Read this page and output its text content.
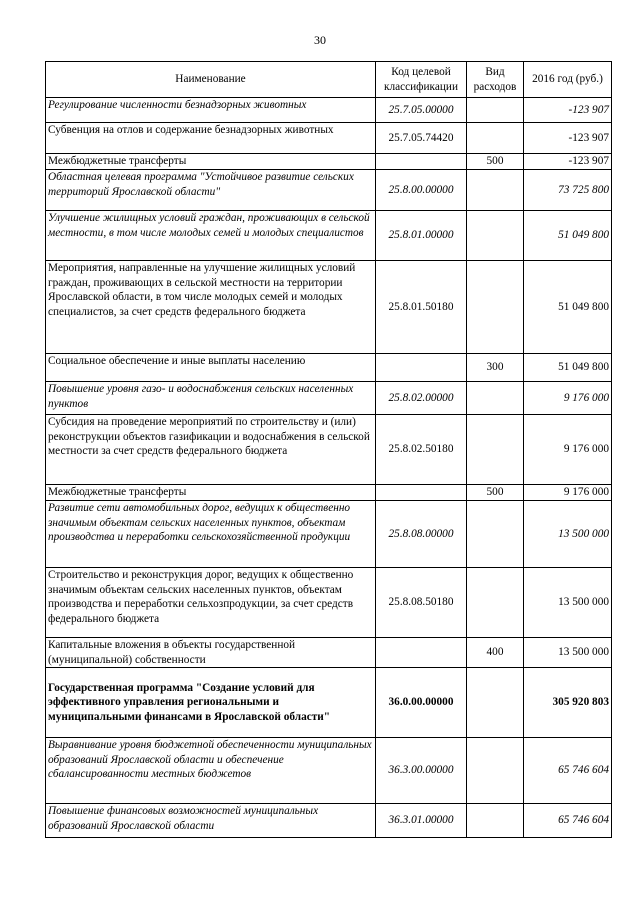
30
Наименование	Код целевой классификации	Вид расходов	2016 год (руб.)
Регулирование численности безнадзорных животных	25.7.05.00000		-123 907
Субвенция на отлов и содержание безнадзорных животных	25.7.05.74420		-123 907
Межбюджетные трансферты		500	-123 907
Областная целевая программа "Устойчивое развитие сельских территорий Ярославской области"	25.8.00.00000		73 725 800
Улучшение жилищных условий граждан, проживающих в сельской местности, в том числе молодых семей и молодых специалистов	25.8.01.00000		51 049 800
Мероприятия, направленные на улучшение жилищных условий граждан, проживающих в сельской местности на территории Ярославской области, в том числе молодых семей и молодых специалистов, за счет средств федерального бюджета	25.8.01.50180		51 049 800
Социальное обеспечение и иные выплаты населению		300	51 049 800
Повышение уровня газо- и водоснабжения сельских населенных пунктов	25.8.02.00000		9 176 000
Субсидия на проведение мероприятий по строительству и (или) реконструкции объектов газификации и водоснабжения в сельской местности за счет средств федерального бюджета	25.8.02.50180		9 176 000
Межбюджетные трансферты		500	9 176 000
Развитие сети автомобильных дорог, ведущих к общественно значимым объектам сельских населенных пунктов, объектам производства и переработки сельскохозяйственной продукции	25.8.08.00000		13 500 000
Строительство и реконструкция дорог, ведущих к общественно значимым объектам сельских населенных пунктов, объектам производства и переработки сельхозпродукции, за счет средств федерального бюджета	25.8.08.50180		13 500 000
Капитальные вложения в объекты государственной (муниципальной) собственности		400	13 500 000
Государственная программа "Создание условий для эффективного управления региональными и муниципальными финансами в Ярославской области"	36.0.00.00000		305 920 803
Выравнивание уровня бюджетной обеспеченности муниципальных образований Ярославской области и обеспечение сбалансированности местных бюджетов	36.3.00.00000		65 746 604
Повышение финансовых возможностей муниципальных образований Ярославской области	36.3.01.00000		65 746 604
